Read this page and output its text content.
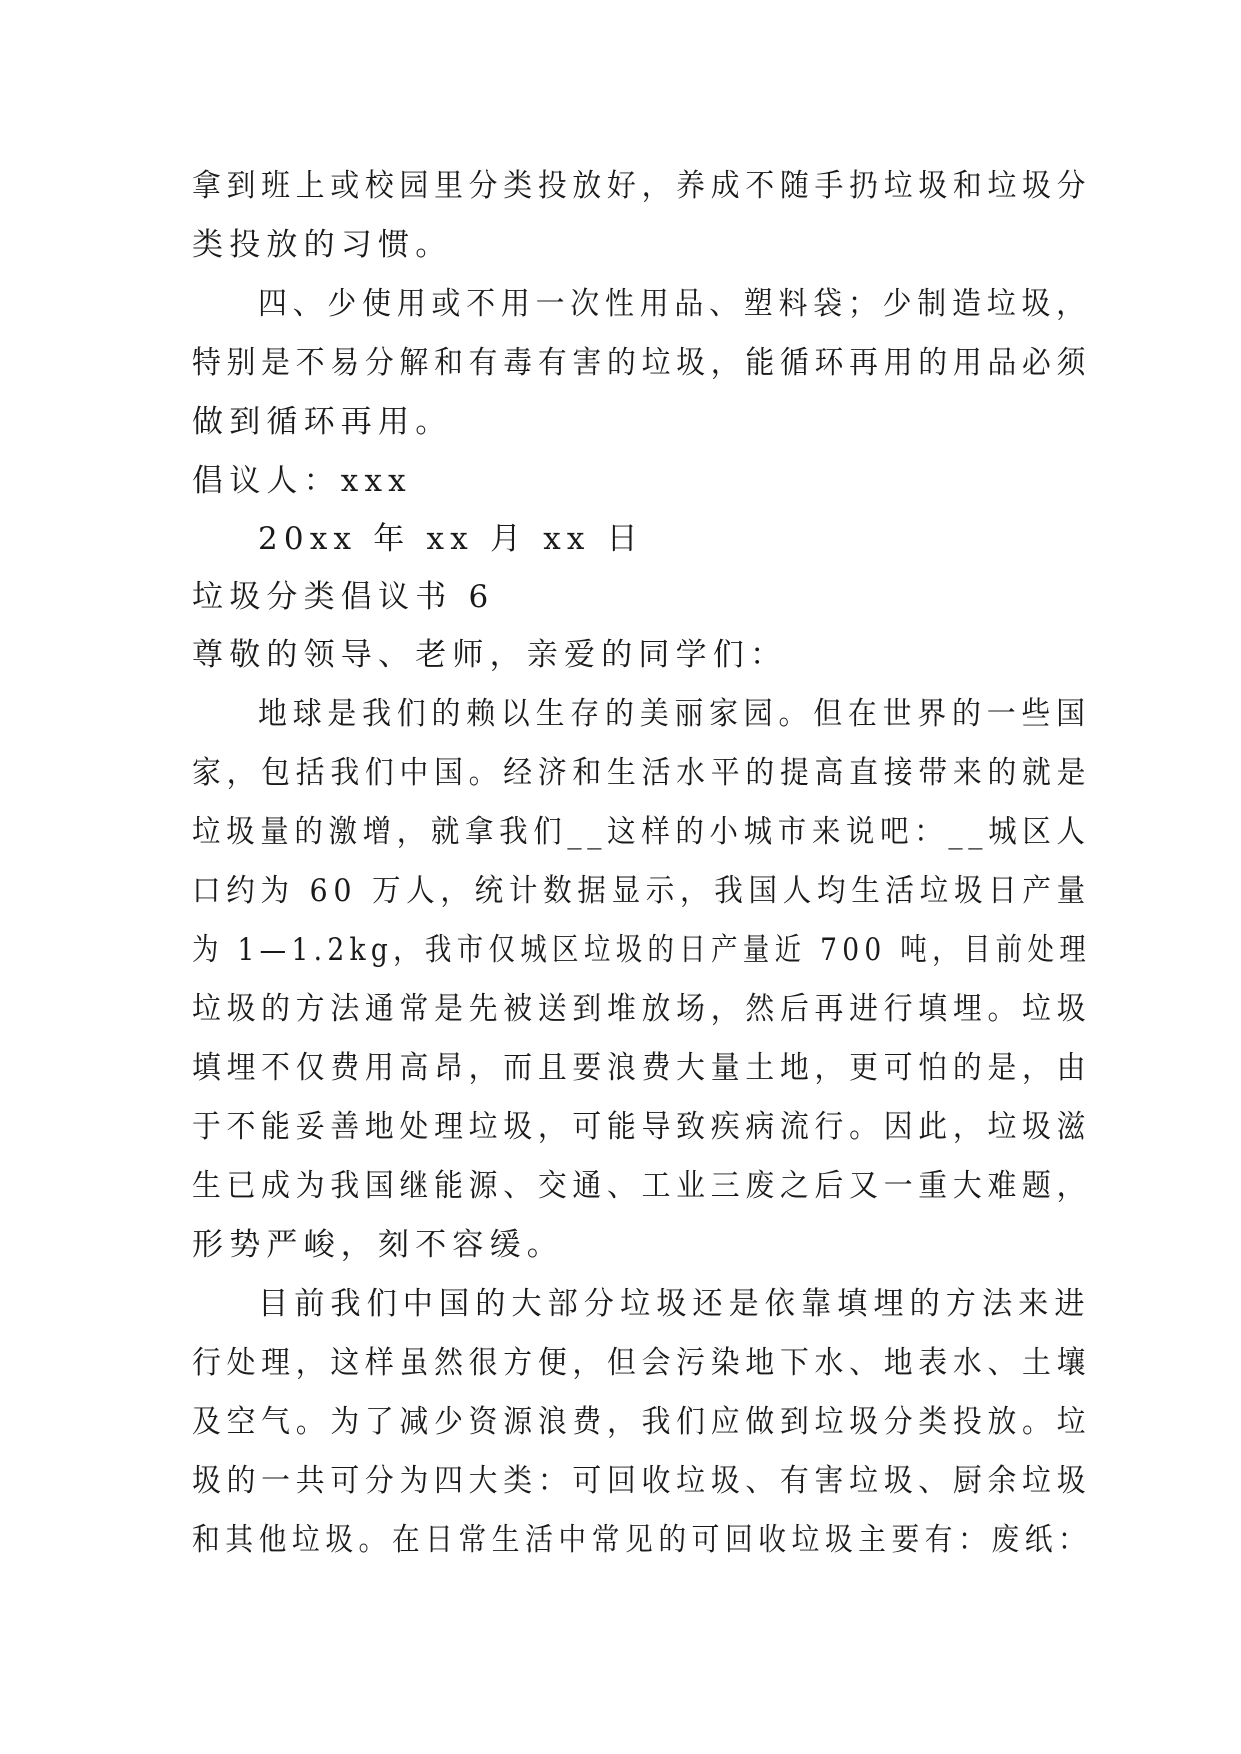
拿到班上或校园里分类投放好，养成不随手扔垃圾和垃圾分
类投放的习惯。
四、少使用或不用一次性用品、塑料袋；少制造垃圾，
特别是不易分解和有毒有害的垃圾，能循环再用的用品必须
做到循环再用。
倡议人：xxx
20xx 年 xx 月 xx 日
垃圾分类倡议书 6
尊敬的领导、老师，亲爱的同学们：
地球是我们的赖以生存的美丽家园。但在世界的一些国
家，包括我们中国。经济和生活水平的提高直接带来的就是
垃圾量的激增，就拿我们__这样的小城市来说吧：__城区人
口约为 60 万人，统计数据显示，我国人均生活垃圾日产量
为 1—1.2kg，我市仅城区垃圾的日产量近 700 吨，目前处理
垃圾的方法通常是先被送到堆放场，然后再进行填埋。垃圾
填埋不仅费用高昂，而且要浪费大量土地，更可怕的是，由
于不能妥善地处理垃圾，可能导致疾病流行。因此，垃圾滋
生已成为我国继能源、交通、工业三废之后又一重大难题，
形势严峻，刻不容缓。
目前我们中国的大部分垃圾还是依靠填埋的方法来进
行处理，这样虽然很方便，但会污染地下水、地表水、土壤
及空气。为了减少资源浪费，我们应做到垃圾分类投放。垃
圾的一共可分为四大类：可回收垃圾、有害垃圾、厨余垃圾
和其他垃圾。在日常生活中常见的可回收垃圾主要有：废纸：
